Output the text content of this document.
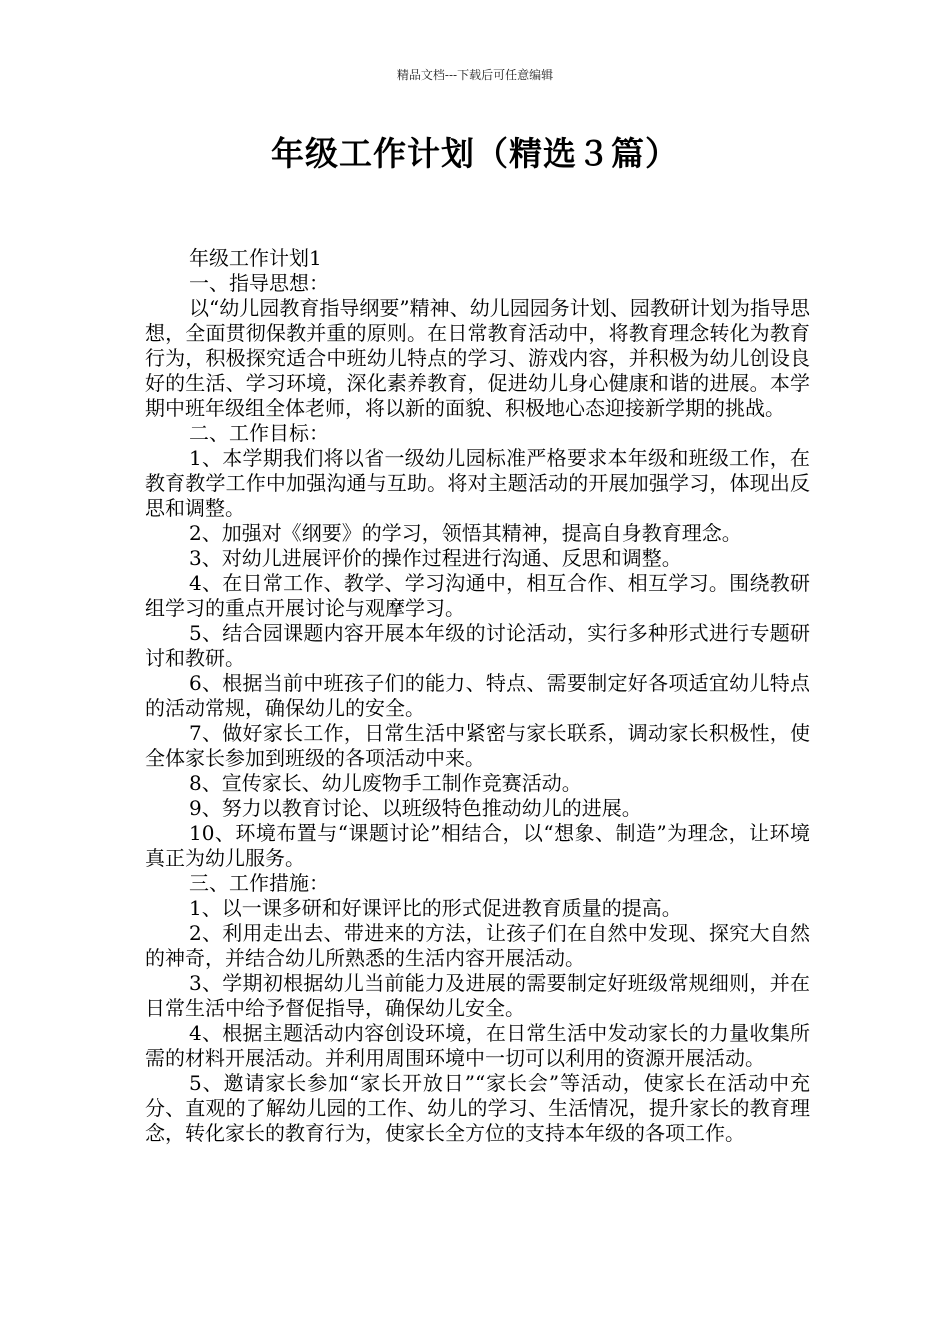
精品文档---下载后可任意编辑
年级工作计划（精选３篇）

年级工作计划1

一、指导思想：

以“幼儿园教育指导纲要”精神、幼儿园园务计划、园教研计划为指导思想，全面贯彻保教并重的原则。在日常教育活动中，将教育理念转化为教育行为，积极探究适合中班幼儿特点的学习、游戏内容，并积极为幼儿创设良好的生活、学习环境，深化素养教育，促进幼儿身心健康和谐的进展。本学期中班年级组全体老师，将以新的面貌、积极地心态迎接新学期的挑战。

二、工作目标：

1、本学期我们将以省一级幼儿园标准严格要求本年级和班级工作，在教育教学工作中加强沟通与互助。将对主题活动的开展加强学习，体现出反思和调整。

2、加强对《纲要》的学习，领悟其精神，提高自身教育理念。

3、对幼儿进展评价的操作过程进行沟通、反思和调整。

4、在日常工作、教学、学习沟通中，相互合作、相互学习。围绕教研组学习的重点开展讨论与观摩学习。

5、结合园课题内容开展本年级的讨论活动，实行多种形式进行专题研讨和教研。

6、根据当前中班孩子们的能力、特点、需要制定好各项适宜幼儿特点的活动常规，确保幼儿的安全。

7、做好家长工作，日常生活中紧密与家长联系，调动家长积极性，使全体家长参加到班级的各项活动中来。

8、宣传家长、幼儿废物手工制作竞赛活动。

9、努力以教育讨论、以班级特色推动幼儿的进展。

10、环境布置与“课题讨论”相结合，以“想象、制造”为理念，让环境真正为幼儿服务。

三、工作措施：

1、以一课多研和好课评比的形式促进教育质量的提高。

2、利用走出去、带进来的方法，让孩子们在自然中发现、探究大自然的神奇，并结合幼儿所熟悉的生活内容开展活动。

3、学期初根据幼儿当前能力及进展的需要制定好班级常规细则，并在日常生活中给予督促指导，确保幼儿安全。

4、根据主题活动内容创设环境，在日常生活中发动家长的力量收集所需的材料开展活动。并利用周围环境中一切可以利用的资源开展活动。

5、邀请家长参加“家长开放日”“家长会”等活动，使家长在活动中充分、直观的了解幼儿园的工作、幼儿的学习、生活情况，提升家长的教育理念，转化家长的教育行为，使家长全方位的支持本年级的各项工作。
